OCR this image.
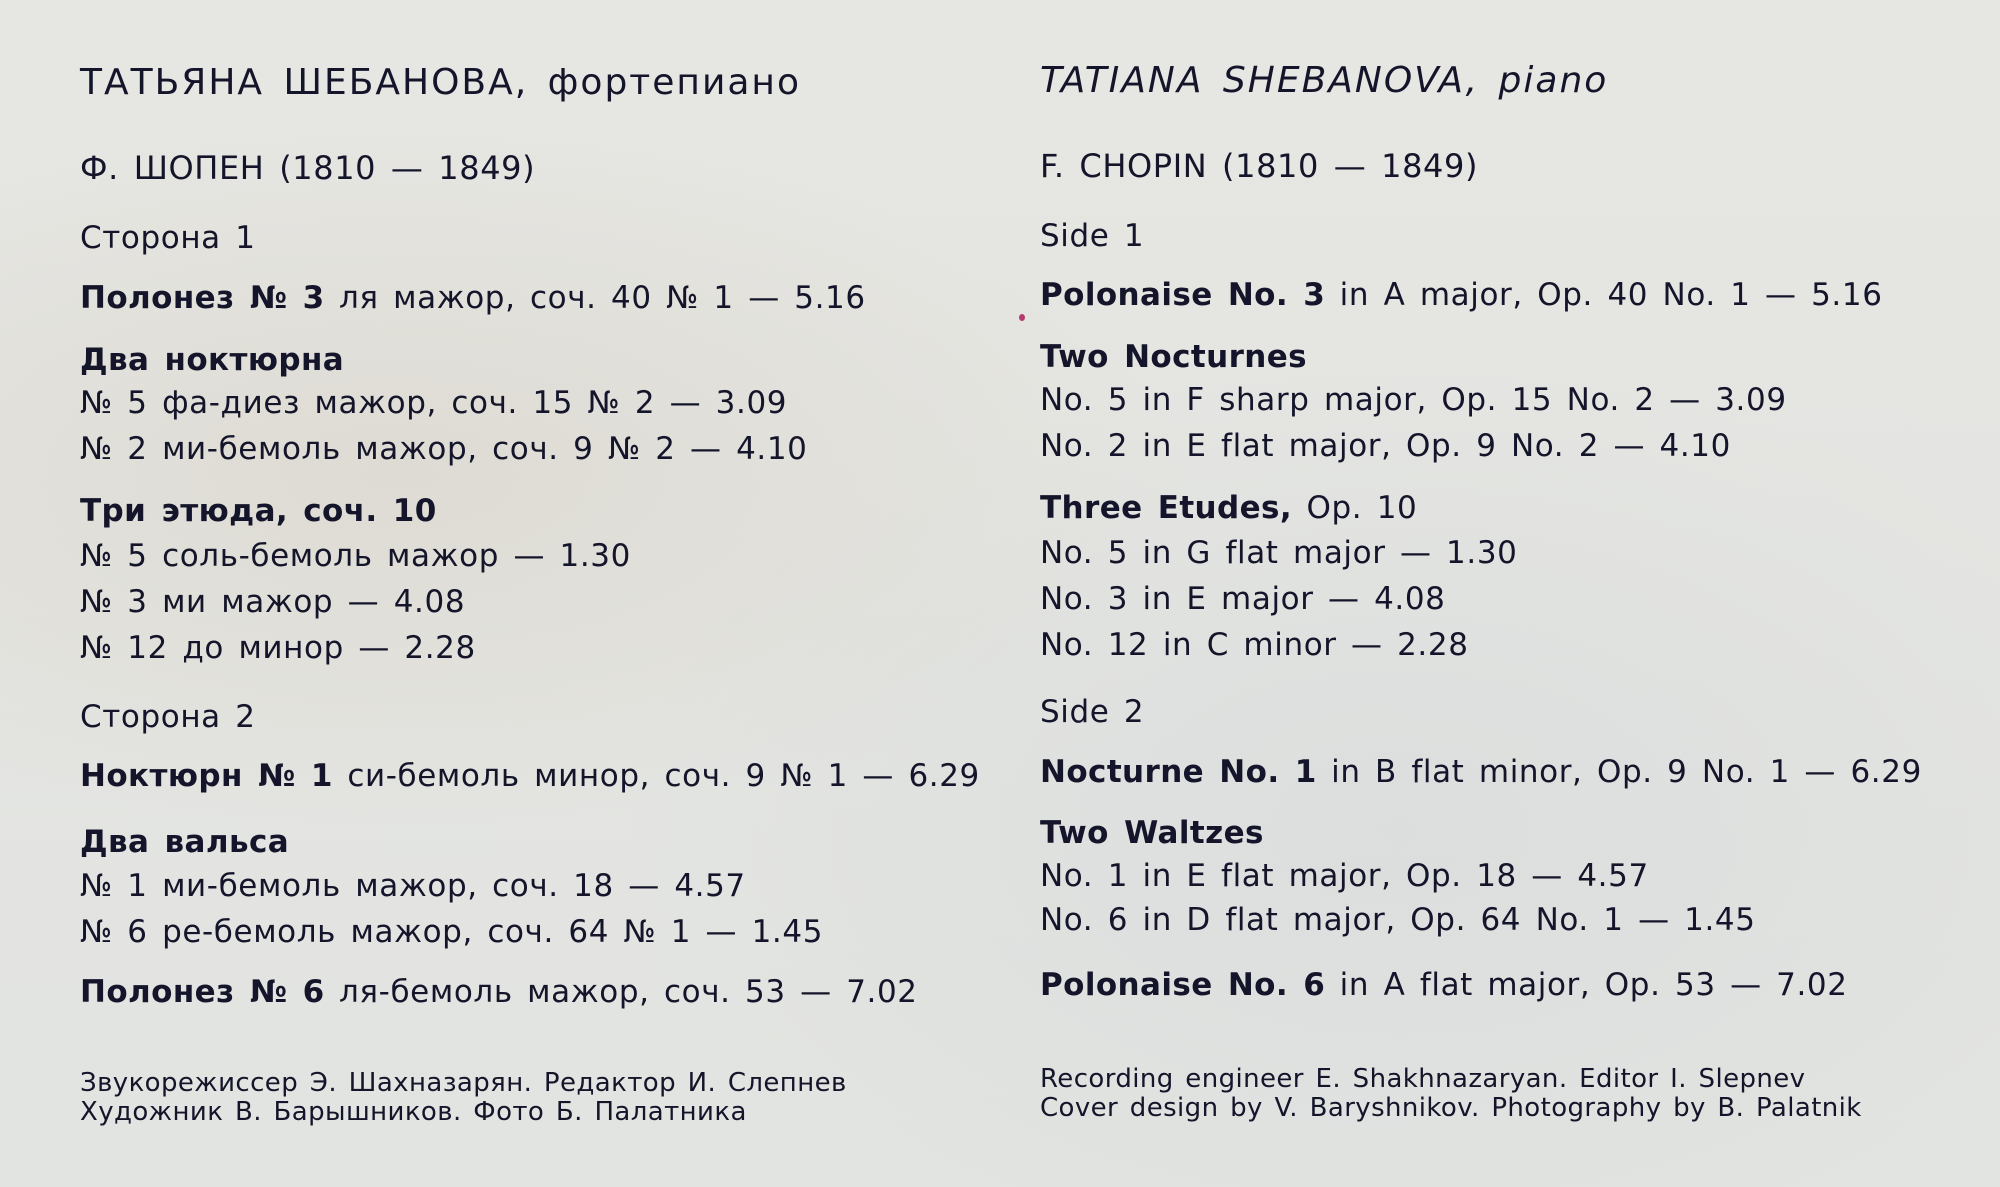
ТАТЬЯНА ШЕБАНОВА, фортепиано
Ф. ШОПЕН (1810 — 1849)
Сторона 1
Полонез № 3 ля мажор, соч. 40 № 1 — 5.16
Два ноктюрна
№ 5 фа-диез мажор, соч. 15 № 2 — 3.09
№ 2 ми-бемоль мажор, соч. 9 № 2 — 4.10
Три этюда, соч. 10
№ 5 соль-бемоль мажор — 1.30
№ 3 ми мажор — 4.08
№ 12 до минор — 2.28
Сторона 2
Ноктюрн № 1 си-бемоль минор, соч. 9 № 1 — 6.29
Два вальса
№ 1 ми-бемоль мажор, соч. 18 — 4.57
№ 6 ре-бемоль мажор, соч. 64 № 1 — 1.45
Полонез № 6 ля-бемоль мажор, соч. 53 — 7.02
Звукорежиссер Э. Шахназарян. Редактор И. Слепнев
Художник В. Барышников. Фото Б. Палатника
TATIANA SHEBANOVA, piano
F. CHOPIN (1810 — 1849)
Side 1
Polonaise No. 3 in A major, Op. 40 No. 1 — 5.16
Two Nocturnes
No. 5 in F sharp major, Op. 15 No. 2 — 3.09
No. 2 in E flat major, Op. 9 No. 2 — 4.10
Three Etudes, Op. 10
No. 5 in G flat major — 1.30
No. 3 in E major — 4.08
No. 12 in C minor — 2.28
Side 2
Nocturne No. 1 in B flat minor, Op. 9 No. 1 — 6.29
Two Waltzes
No. 1 in E flat major, Op. 18 — 4.57
No. 6 in D flat major, Op. 64 No. 1 — 1.45
Polonaise No. 6 in A flat major, Op. 53 — 7.02
Recording engineer E. Shakhnazaryan. Editor I. Slepnev
Cover design by V. Baryshnikov. Photography by B. Palatnik
